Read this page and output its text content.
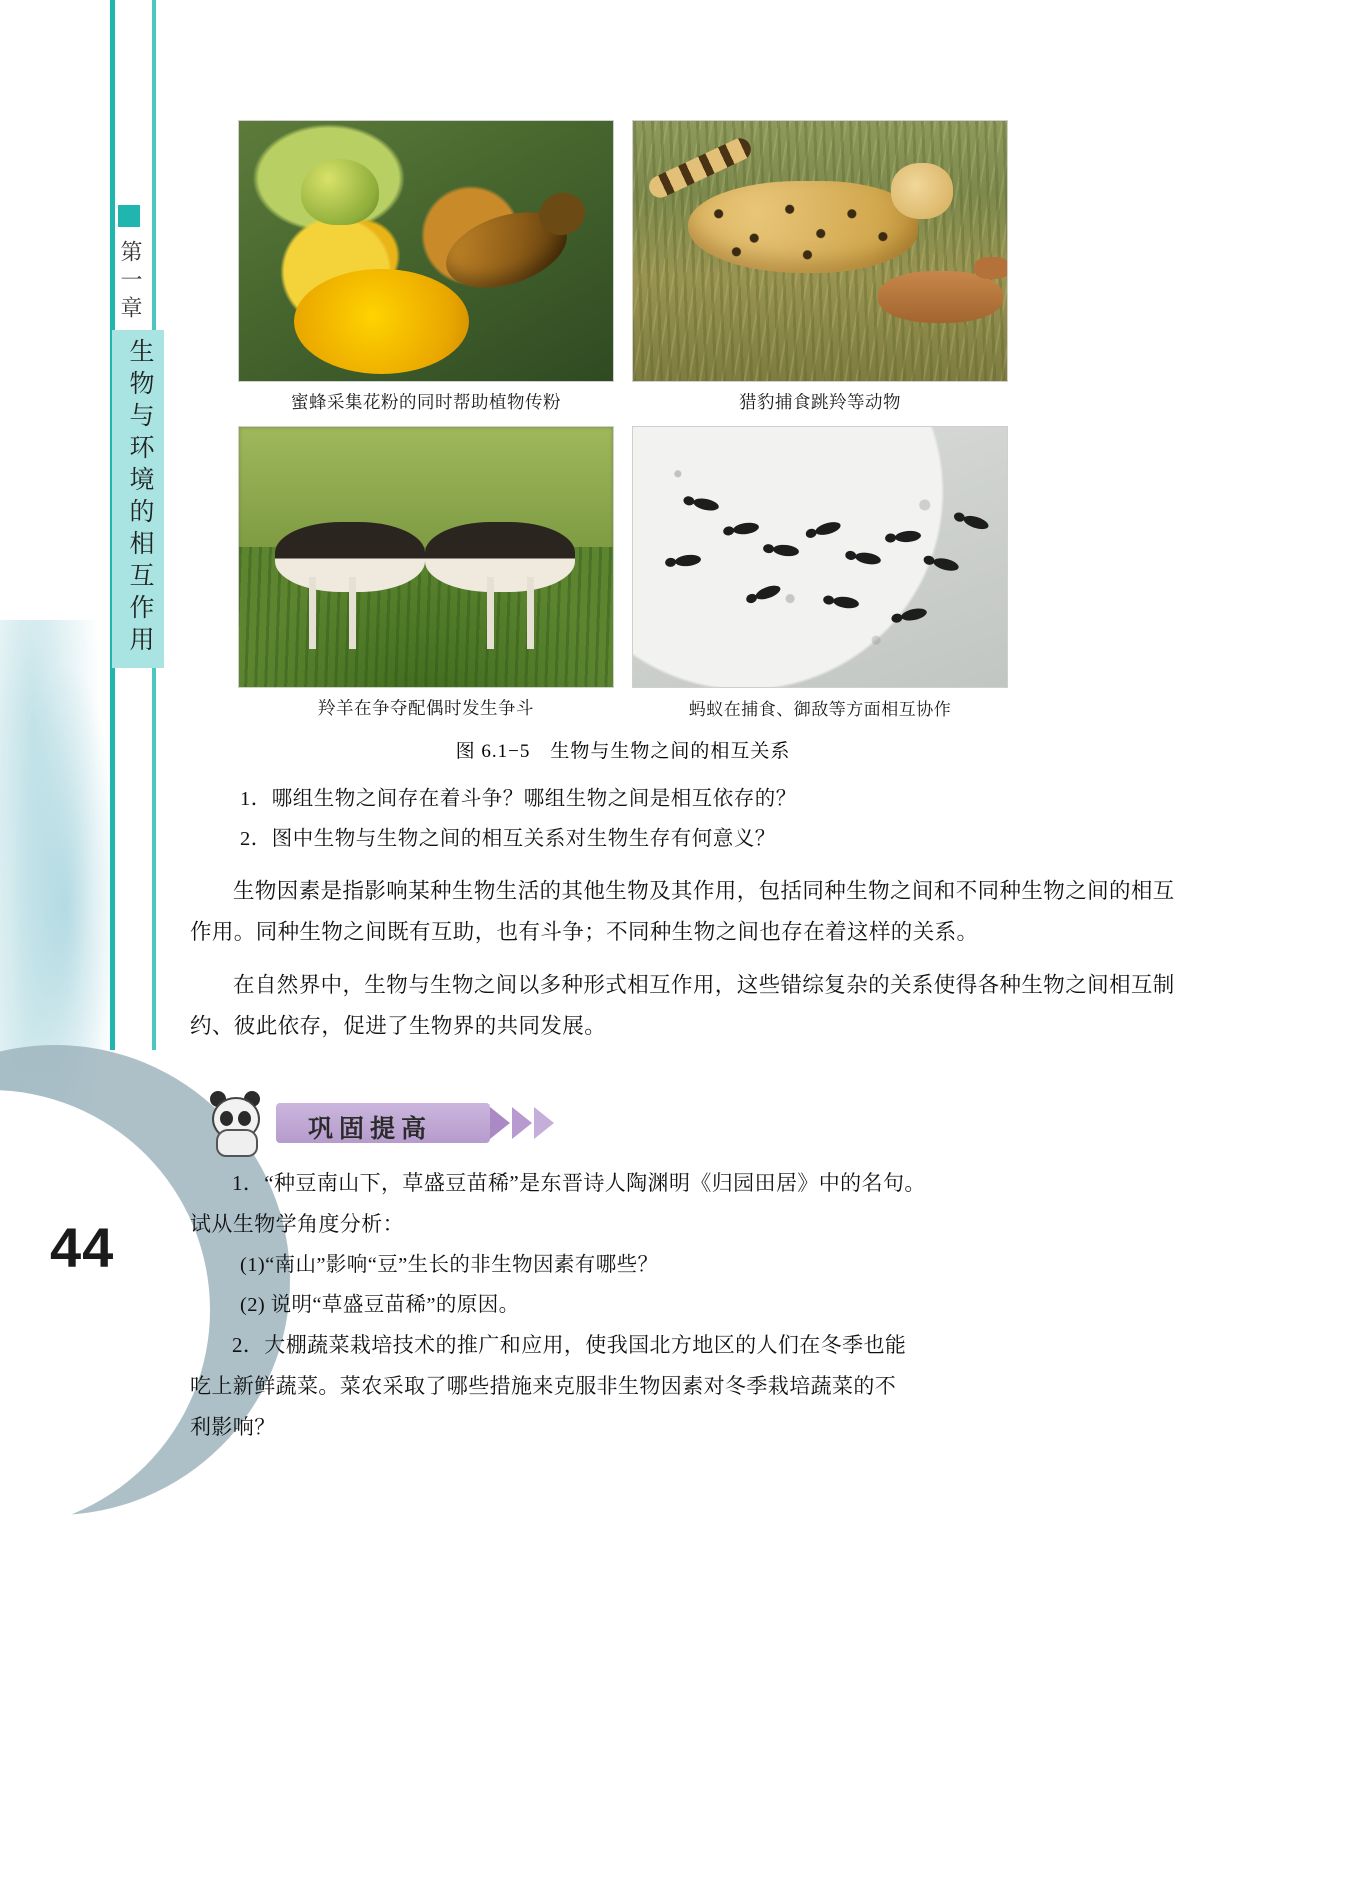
第一章
生物与环境的相互作用
44
蜜蜂采集花粉的同时帮助植物传粉	猎豹捕食跳羚等动物
羚羊在争夺配偶时发生争斗	蚂蚁在捕食、御敌等方面相互协作
图 6.1−5　生物与生物之间的相互关系
1．哪组生物之间存在着斗争？哪组生物之间是相互依存的？
2．图中生物与生物之间的相互关系对生物生存有何意义？
生物因素是指影响某种生物生活的其他生物及其作用，包括同种生物之间和不同种生物之间的相互作用。同种生物之间既有互助，也有斗争；不同种生物之间也存在着这样的关系。
在自然界中，生物与生物之间以多种形式相互作用，这些错综复杂的关系使得各种生物之间相互制约、彼此依存，促进了生物界的共同发展。
巩固提高
1．“种豆南山下，草盛豆苗稀”是东晋诗人陶渊明《归园田居》中的名句。
试从生物学角度分析：
(1)“南山”影响“豆”生长的非生物因素有哪些？
(2) 说明“草盛豆苗稀”的原因。
2．大棚蔬菜栽培技术的推广和应用，使我国北方地区的人们在冬季也能
吃上新鲜蔬菜。菜农采取了哪些措施来克服非生物因素对冬季栽培蔬菜的不
利影响？
